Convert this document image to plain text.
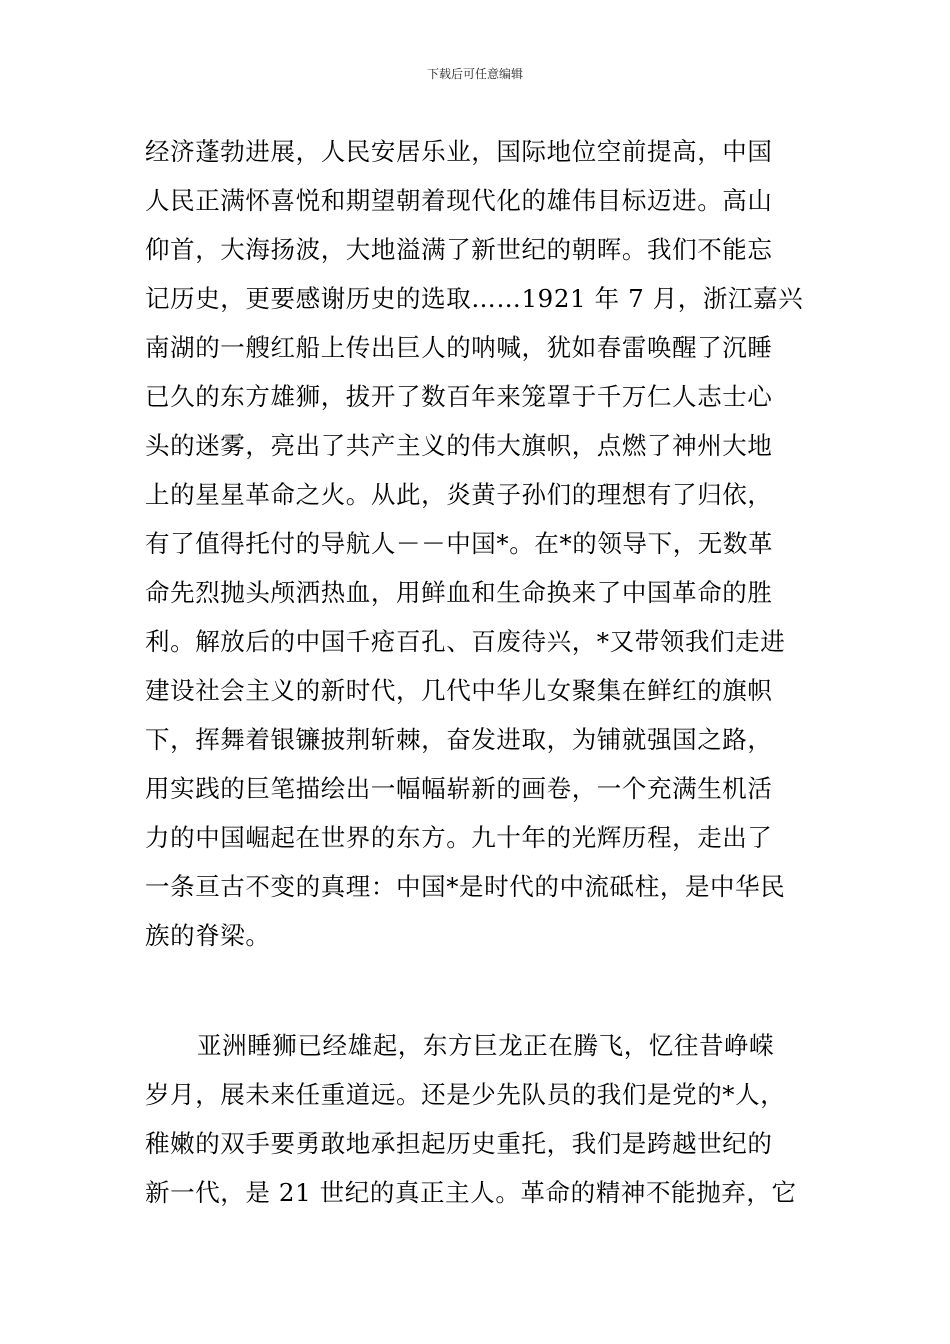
下载后可任意编辑
经济蓬勃进展，人民安居乐业，国际地位空前提高，中国
人民正满怀喜悦和期望朝着现代化的雄伟目标迈进。高山
仰首，大海扬波，大地溢满了新世纪的朝晖。我们不能忘
记历史，更要感谢历史的选取……1921 年 7 月，浙江嘉兴
南湖的一艘红船上传出巨人的呐喊，犹如春雷唤醒了沉睡
已久的东方雄狮，拔开了数百年来笼罩于千万仁人志士心
头的迷雾，亮出了共产主义的伟大旗帜，点燃了神州大地
上的星星革命之火。从此，炎黄子孙们的理想有了归依，
有了值得托付的导航人－－中国*。在*的领导下，无数革
命先烈抛头颅洒热血，用鲜血和生命换来了中国革命的胜
利。解放后的中国千疮百孔、百废待兴，*又带领我们走进
建设社会主义的新时代，几代中华儿女聚集在鲜红的旗帜
下，挥舞着银镰披荆斩棘，奋发进取，为铺就强国之路，
用实践的巨笔描绘出一幅幅崭新的画卷，一个充满生机活
力的中国崛起在世界的东方。九十年的光辉历程，走出了
一条亘古不变的真理：中国*是时代的中流砥柱，是中华民
族的脊梁。
亚洲睡狮已经雄起，东方巨龙正在腾飞，忆往昔峥嵘
岁月，展未来任重道远。还是少先队员的我们是党的*人，
稚嫩的双手要勇敢地承担起历史重托，我们是跨越世纪的
新一代，是 21 世纪的真正主人。革命的精神不能抛弃，它
